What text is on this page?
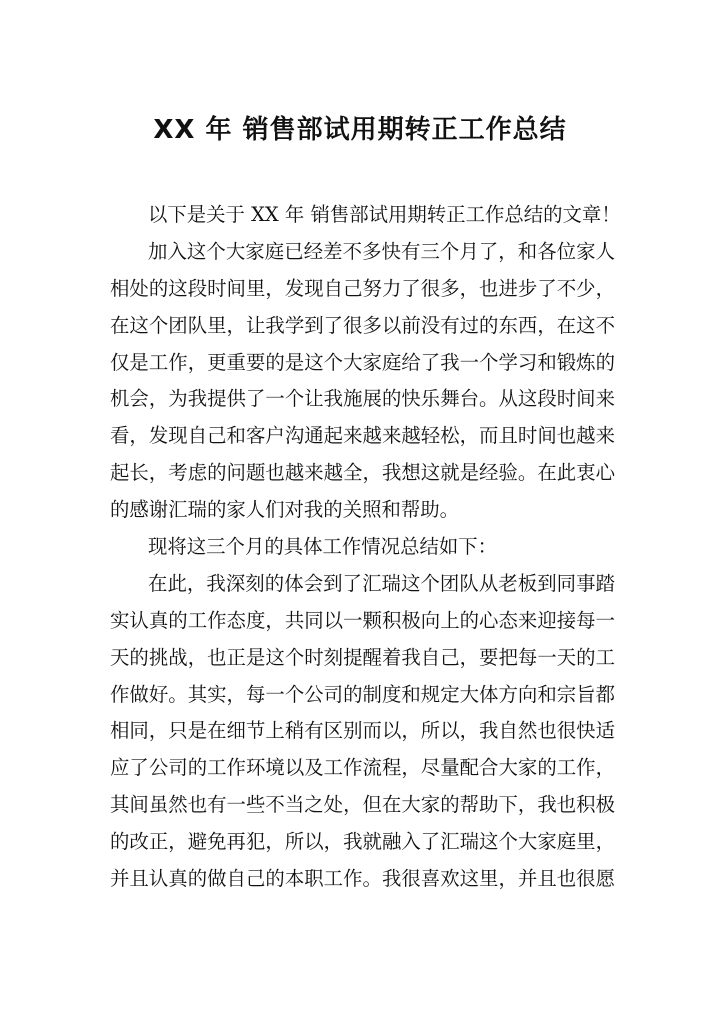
XX 年 销售部试用期转正工作总结
以下是关于 XX 年 销售部试用期转正工作总结的文章！
加入这个大家庭已经差不多快有三个月了，和各位家人
相处的这段时间里，发现自己努力了很多，也进步了不少，
在这个团队里，让我学到了很多以前没有过的东西，在这不
仅是工作，更重要的是这个大家庭给了我一个学习和锻炼的
机会，为我提供了一个让我施展的快乐舞台。从这段时间来
看，发现自己和客户沟通起来越来越轻松，而且时间也越来
起长，考虑的问题也越来越全，我想这就是经验。在此衷心
的感谢汇瑞的家人们对我的关照和帮助。
现将这三个月的具体工作情况总结如下：
在此，我深刻的体会到了汇瑞这个团队从老板到同事踏
实认真的工作态度，共同以一颗积极向上的心态来迎接每一
天的挑战，也正是这个时刻提醒着我自己，要把每一天的工
作做好。其实，每一个公司的制度和规定大体方向和宗旨都
相同，只是在细节上稍有区别而以，所以，我自然也很快适
应了公司的工作环境以及工作流程，尽量配合大家的工作，
其间虽然也有一些不当之处，但在大家的帮助下，我也积极
的改正，避免再犯，所以，我就融入了汇瑞这个大家庭里，
并且认真的做自己的本职工作。我很喜欢这里，并且也很愿
